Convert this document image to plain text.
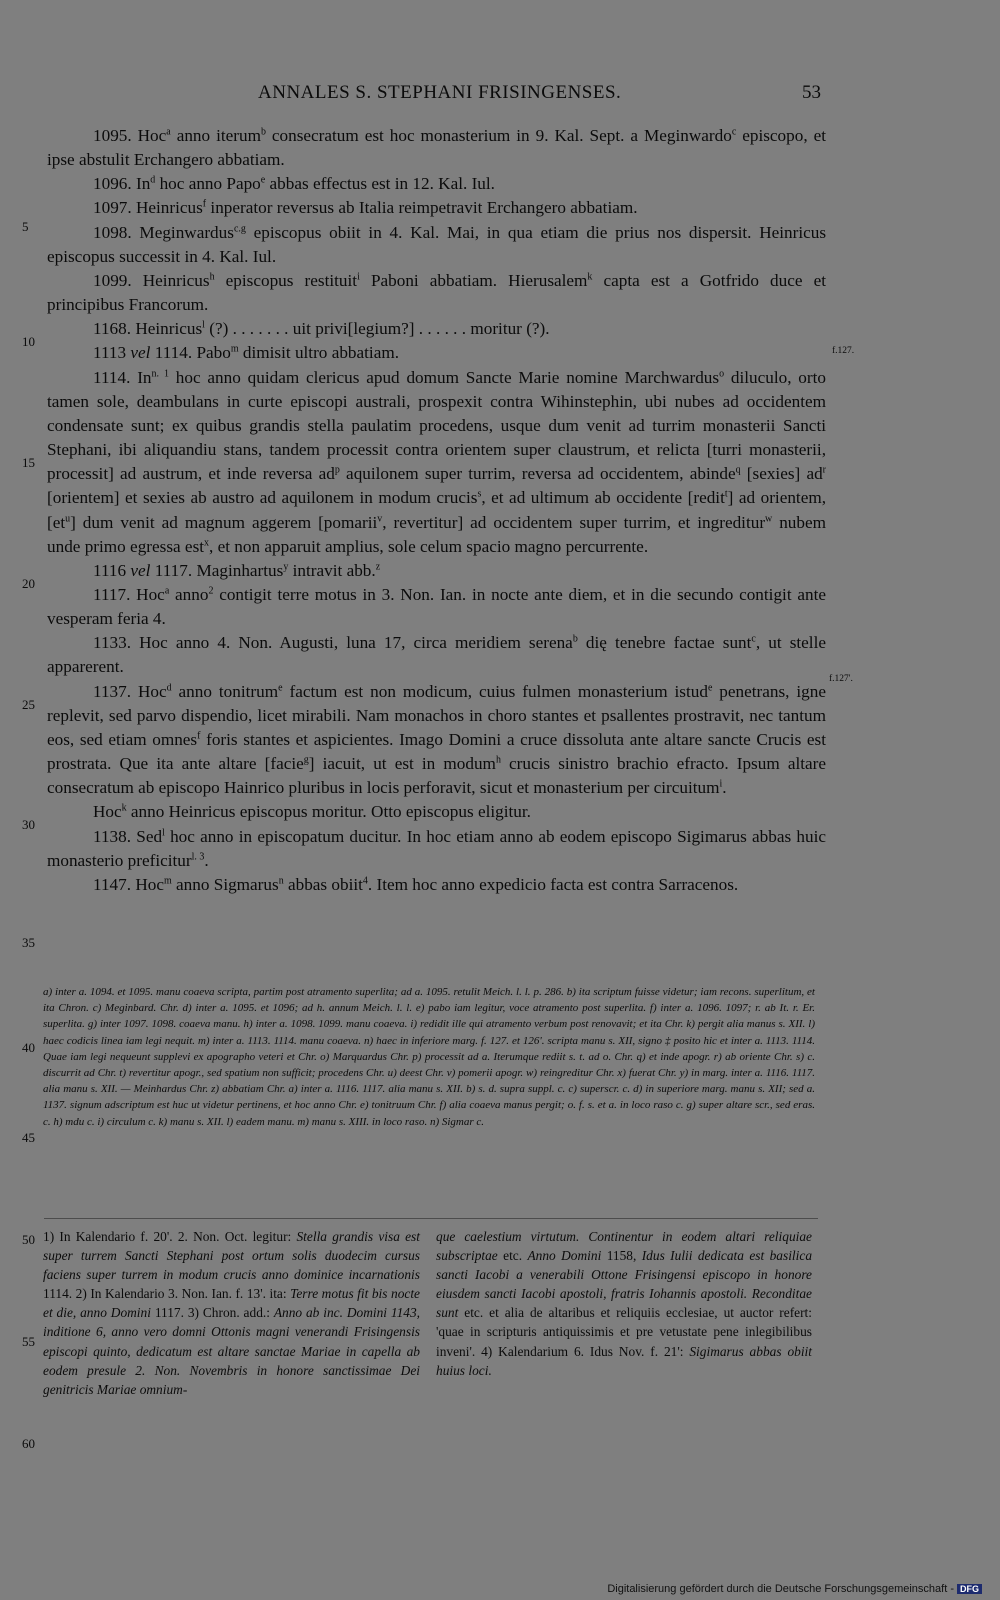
ANNALES S. STEPHANI FRISINGENSES.	53
5
10
15
20
25
30
35
40
45
50
55
60
f.127.
f.127'.

1095. Hoc$^a$ anno iterum$^b$ consecratum est hoc monasterium in 9. Kal. Sept. a Meginwardo$^c$ episcopo, et ipse abstulit Erchangero abbatiam.

1096. In$^d$ hoc anno Papo$^e$ abbas effectus est in 12. Kal. Iul.

1097. Heinricus$^f$ inperator reversus ab Italia reimpetravit Erchangero abbatiam.

1098. Meginwardus$^{c.g}$ episcopus obiit in 4. Kal. Mai, in qua etiam die prius nos dispersit. Heinricus episcopus successit in 4. Kal. Iul.

1099. Heinricus$^h$ episcopus restituit$^i$ Paboni abbatiam. Hierusalem$^k$ capta est a Gotfrido duce et principibus Francorum.

1168. Heinricus$^l$ (?) . . . . . . . uit privi[legium?] . . . . . . moritur (?).

1113 vel 1114. Pabo$^m$ dimisit ultro abbatiam.

1114. $In^{n. 1}$ hoc anno quidam clericus apud domum Sancte Marie nomine Marchwardus$^o$ diluculo, orto tamen sole, deambulans in curte episcopi australi, prospexit contra Wihinstephin, ubi nubes ad occidentem condensate sunt; ex quibus grandis stella paulatim procedens, usque dum venit ad turrim monasterii Sancti Stephani, ibi aliquandiu stans, tandem processit contra orientem super claustrum, et relicta [turri monasterii, processit] ad austrum, et inde reversa $ad^p$ aquilonem super turrim, reversa ad occidentem, abinde$^q$ [sexies] $ad^r$ [orientem] et sexies ab austro ad aquilonem in modum crucis$^s$, et ad ultimum ab occidente [redit$^t$] ad orientem, $[et^u]$ dum venit ad magnum aggerem [pomarii$^v$, revertitur] ad occidentem super turrim, et ingreditur$^w$ nubem unde primo egressa est$^x$, et non apparuit amplius, sole celum spacio magno percurrente.

1116 vel 1117. Maginhartus$^y$ intravit abb.$^z$

1117. Hoc$^a$ anno$^2$ contigit terre motus in 3. Non. Ian. in nocte ante diem, et in die secundo contigit ante vesperam feria 4.

1133. Hoc anno 4. Non. Augusti, luna 17, circa meridiem serena$^b$ dię tenebre factae sunt$^c$, ut stelle apparerent.

1137. Hoc$^d$ anno tonitrum$^e$ factum est non modicum, cuius fulmen monasterium istud$^e$ penetrans, igne replevit, sed parvo dispendio, licet mirabili. Nam monachos in choro stantes et psallentes prostravit, nec tantum eos, sed etiam omnes$^f$ foris stantes et aspicientes. Imago Domini a cruce dissoluta ante altare sancte Crucis est prostrata. Que ita ante altare [facie$^g$] iacuit, ut est in modum$^h$ crucis sinistro brachio efracto. Ipsum altare consecratum ab episcopo Hainrico pluribus in locis perforavit, sicut et monasterium per circuitum$^i$.

Hoc$^k$ anno Heinricus episcopus moritur. Otto episcopus eligitur.

1138. Sed$^l$ hoc anno in episcopatum ducitur. In hoc etiam anno ab eodem episcopo Sigimarus abbas huic monasterio preficitur$^{l. 3}$.

1147. Hoc$^m$ anno Sigmarus$^n$ abbas obiit$^4$. Item hoc anno expedicio facta est contra Sarracenos.

a) inter a. 1094. et 1095. manu coaeva scripta, partim post atramento superlita; ad a. 1095. retulit Meich. l. l. p. 286. b) ita scriptum fuisse videtur; iam recons. superlitum, et ita Chron. c) Meginbard. Chr. d) inter a. 1095. et 1096; ad h. annum Meich. l. l. e) pabo iam legitur, voce atramento post superlita. f) inter a. 1096. 1097; r. ab It. r. Er. superlita. g) inter 1097. 1098. coaeva manu. h) inter a. 1098. 1099. manu coaeva. i) redidit ille qui atramento verbum post renovavit; et ita Chr. k) pergit alia manus s. XII. l) haec codicis linea iam legi nequit. m) inter a. 1113. 1114. manu coaeva. n) haec in inferiore marg. f. 127. et 126'. scripta manu s. XII, signo ‡ posito hic et inter a. 1113. 1114. Quae iam legi nequeunt supplevi ex apographo veteri et Chr. o) Marquardus Chr. p) processit ad a. Iterumque rediit s. t. ad o. Chr. q) et inde apogr. r) ab oriente Chr. s) c. discurrit ad Chr. t) revertitur apogr., sed spatium non sufficit; procedens Chr. u) deest Chr. v) pomerii apogr. w) reingreditur Chr. x) fuerat Chr. y) in marg. inter a. 1116. 1117. alia manu s. XII. — Meinhardus Chr. z) abbatiam Chr. a) inter a. 1116. 1117. alia manu s. XII. b) s. d. supra suppl. c. c) superscr. c. d) in superiore marg. manu s. XII; sed a. 1137. signum adscriptum est huc ut videtur pertinens, et hoc anno Chr. e) tonitruum Chr. f) alia coaeva manus pergit; o. f. s. et a. in loco raso c. g) super altare scr., sed eras. c. h) mdu c. i) circulum c. k) manu s. XII. l) eadem manu. m) manu s. XIII. in loco raso. n) Sigmar c.

1) In Kalendario f. 20'. 2. Non. Oct. legitur: Stella grandis visa est super turrem Sancti Stephani post ortum solis duodecim cursus faciens super turrem in modum crucis anno dominice incarnationis 1114. 2) In Kalendario 3. Non. Ian. f. 13'. ita: Terre motus fit bis nocte et die, anno Domini 1117. 3) Chron. add.: Anno ab inc. Domini 1143, inditione 6, anno vero domni Ottonis magni venerandi Frisingensis episcopi quinto, dedicatum est altare sanctae Mariae in capella ab eodem presule 2. Non. Novembris in honore sanctissimae Dei genitricis Mariae omnium-

que caelestium virtutum. Continentur in eodem altari reliquiae subscriptae etc. Anno Domini 1158, Idus Iulii dedicata est basilica sancti Iacobi a venerabili Ottone Frisingensi episcopo in honore eiusdem sancti Iacobi apostoli, fratris Iohannis apostoli. Reconditae sunt etc. et alia de altaribus et reliquiis ecclesiae, ut auctor refert: 'quae in scripturis antiquissimis et pre vetustate pene inlegibilibus inveni'. 4) Kalendarium 6. Idus Nov. f. 21': Sigimarus abbas obiit huius loci.

Digitalisierung gefördert durch die Deutsche Forschungsgemeinschaft - DFG
